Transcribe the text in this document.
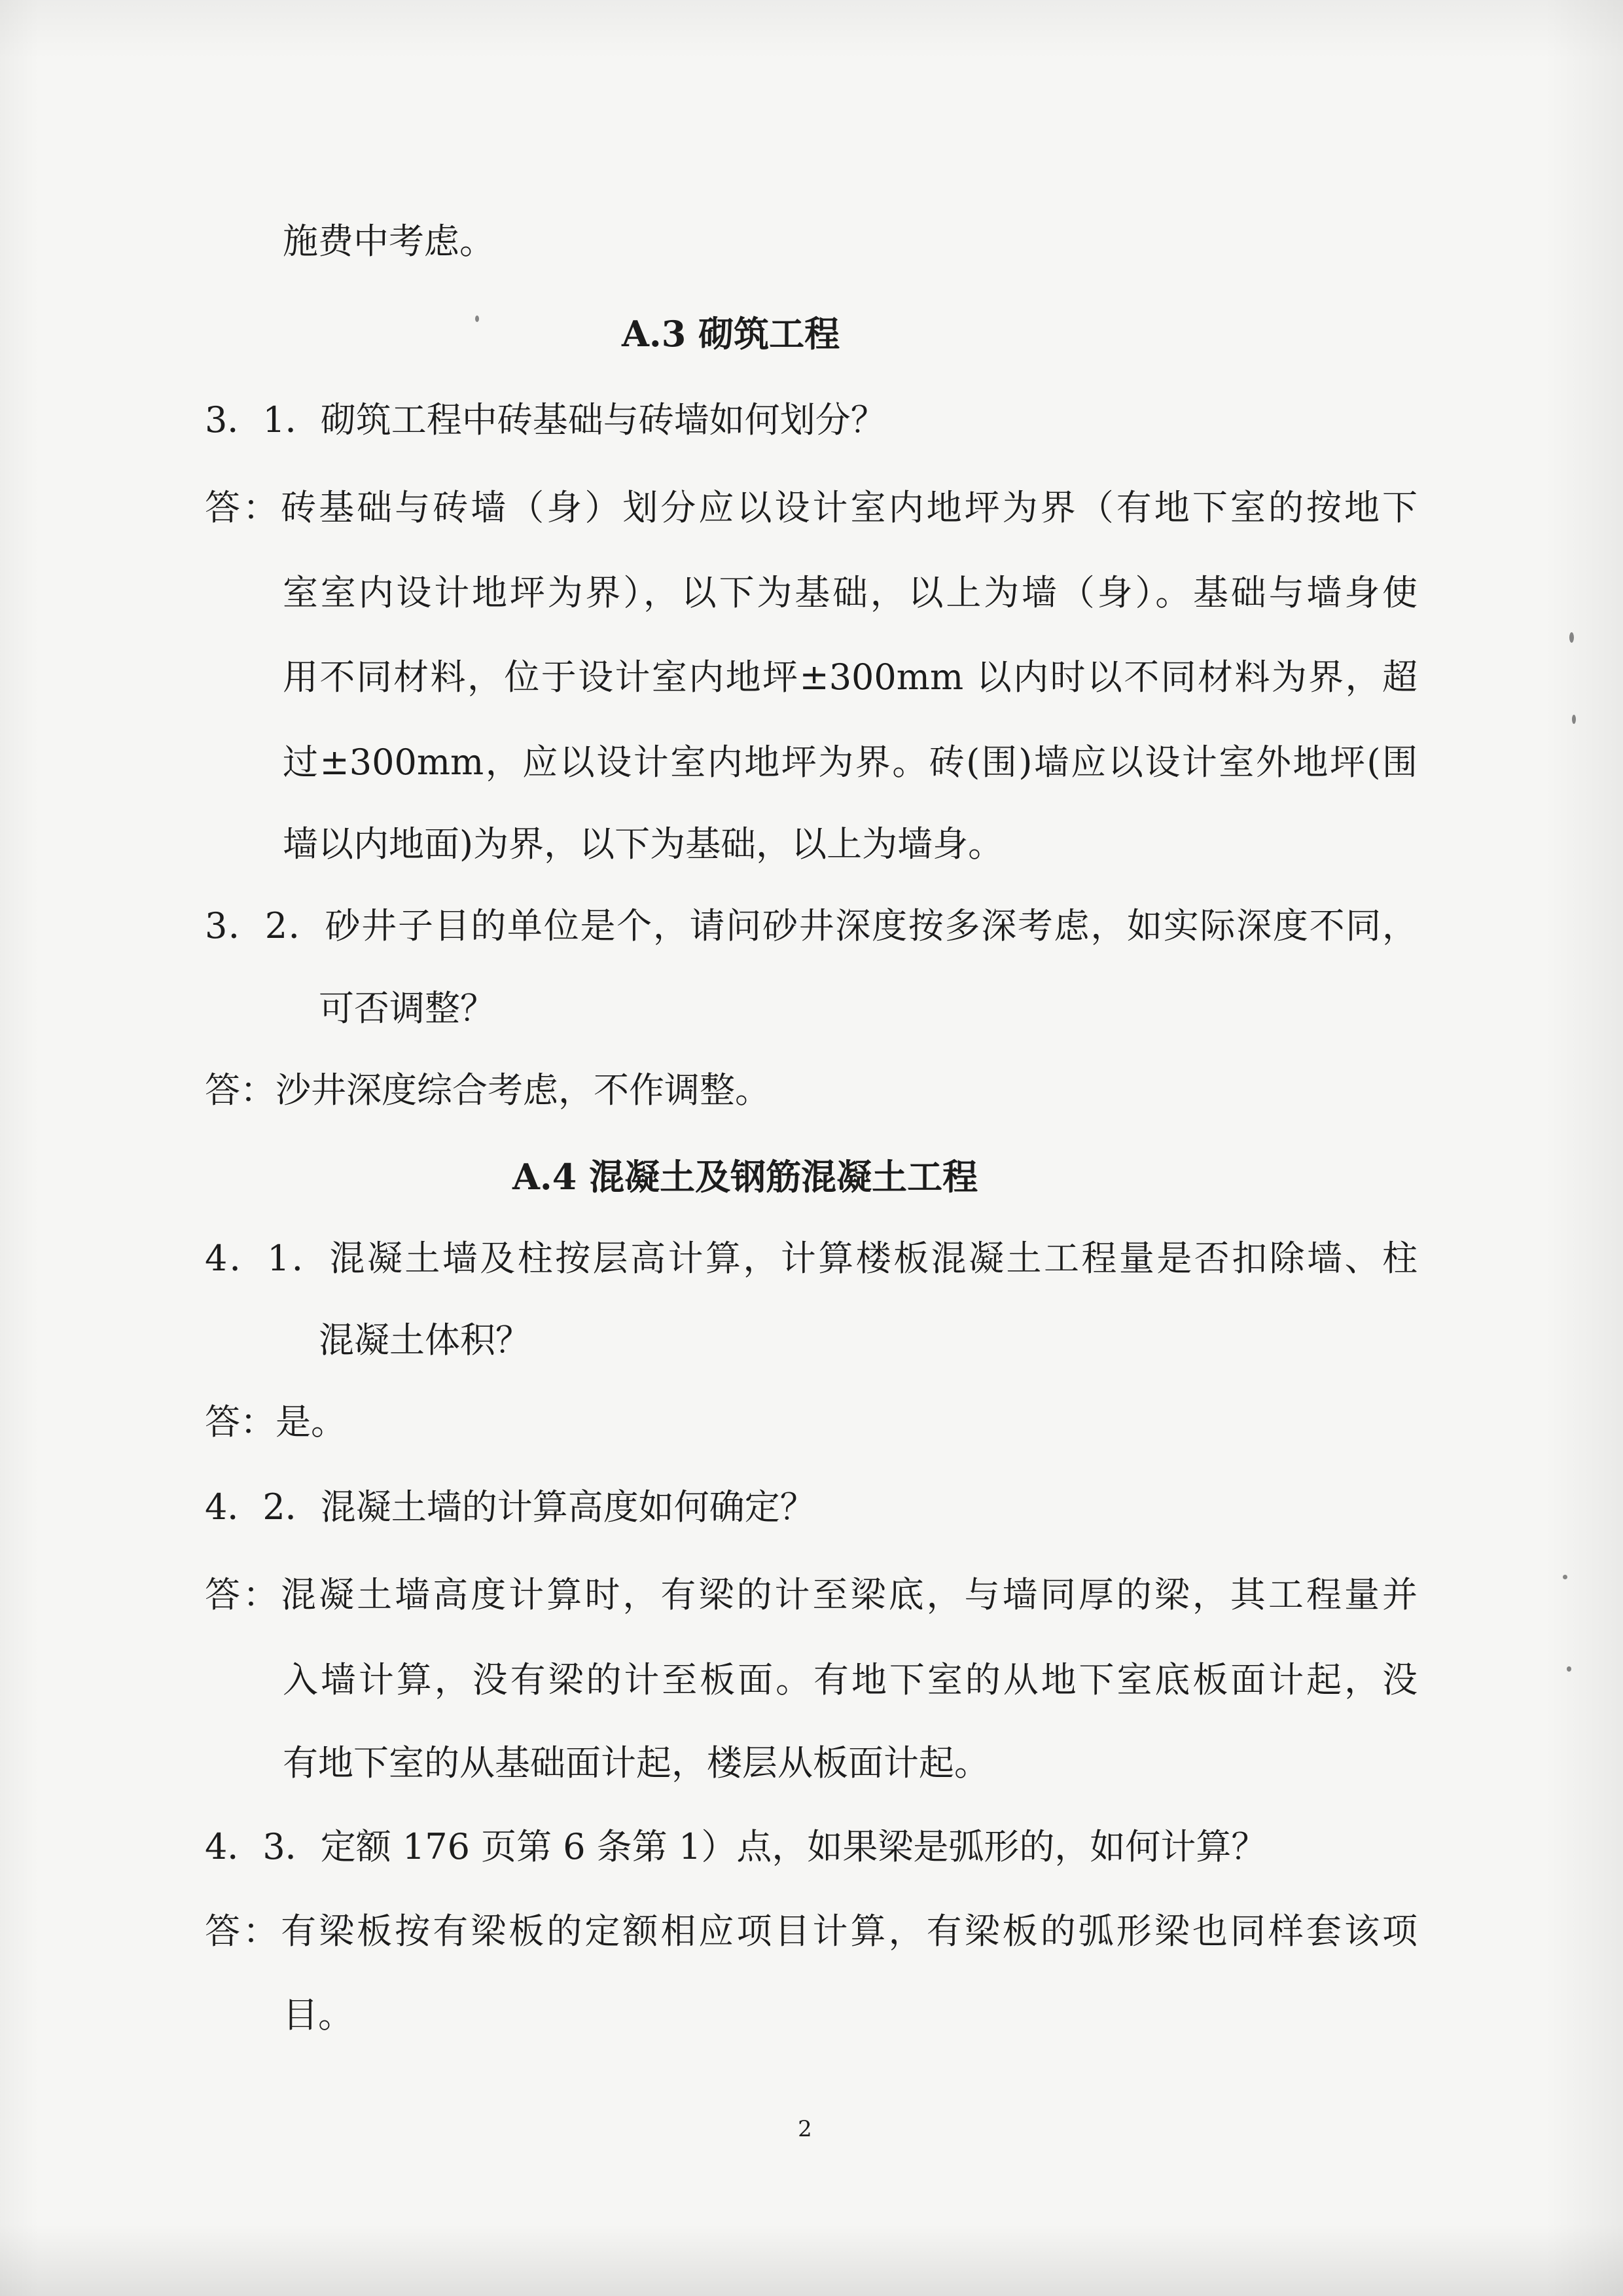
施费中考虑。
A.3 砌筑工程
3．1．砌筑工程中砖基础与砖墙如何划分？
答：砖基础与砖墙（身）划分应以设计室内地坪为界（有地下室的按地下
室室内设计地坪为界），以下为基础，以上为墙（身）。基础与墙身使
用不同材料，位于设计室内地坪±300mm 以内时以不同材料为界，超
过±300mm，应以设计室内地坪为界。砖(围)墙应以设计室外地坪(围
墙以内地面)为界，以下为基础，以上为墙身。
3．2．砂井子目的单位是个，请问砂井深度按多深考虑，如实际深度不同，
可否调整？
答：沙井深度综合考虑，不作调整。
A.4 混凝土及钢筋混凝土工程
4．1．混凝土墙及柱按层高计算，计算楼板混凝土工程量是否扣除墙、柱
混凝土体积？
答：是。
4．2．混凝土墙的计算高度如何确定？
答：混凝土墙高度计算时，有梁的计至梁底，与墙同厚的梁，其工程量并
入墙计算，没有梁的计至板面。有地下室的从地下室底板面计起，没
有地下室的从基础面计起，楼层从板面计起。
4．3．定额 176 页第 6 条第 1）点，如果梁是弧形的，如何计算？
答：有梁板按有梁板的定额相应项目计算，有梁板的弧形梁也同样套该项
目。
2
